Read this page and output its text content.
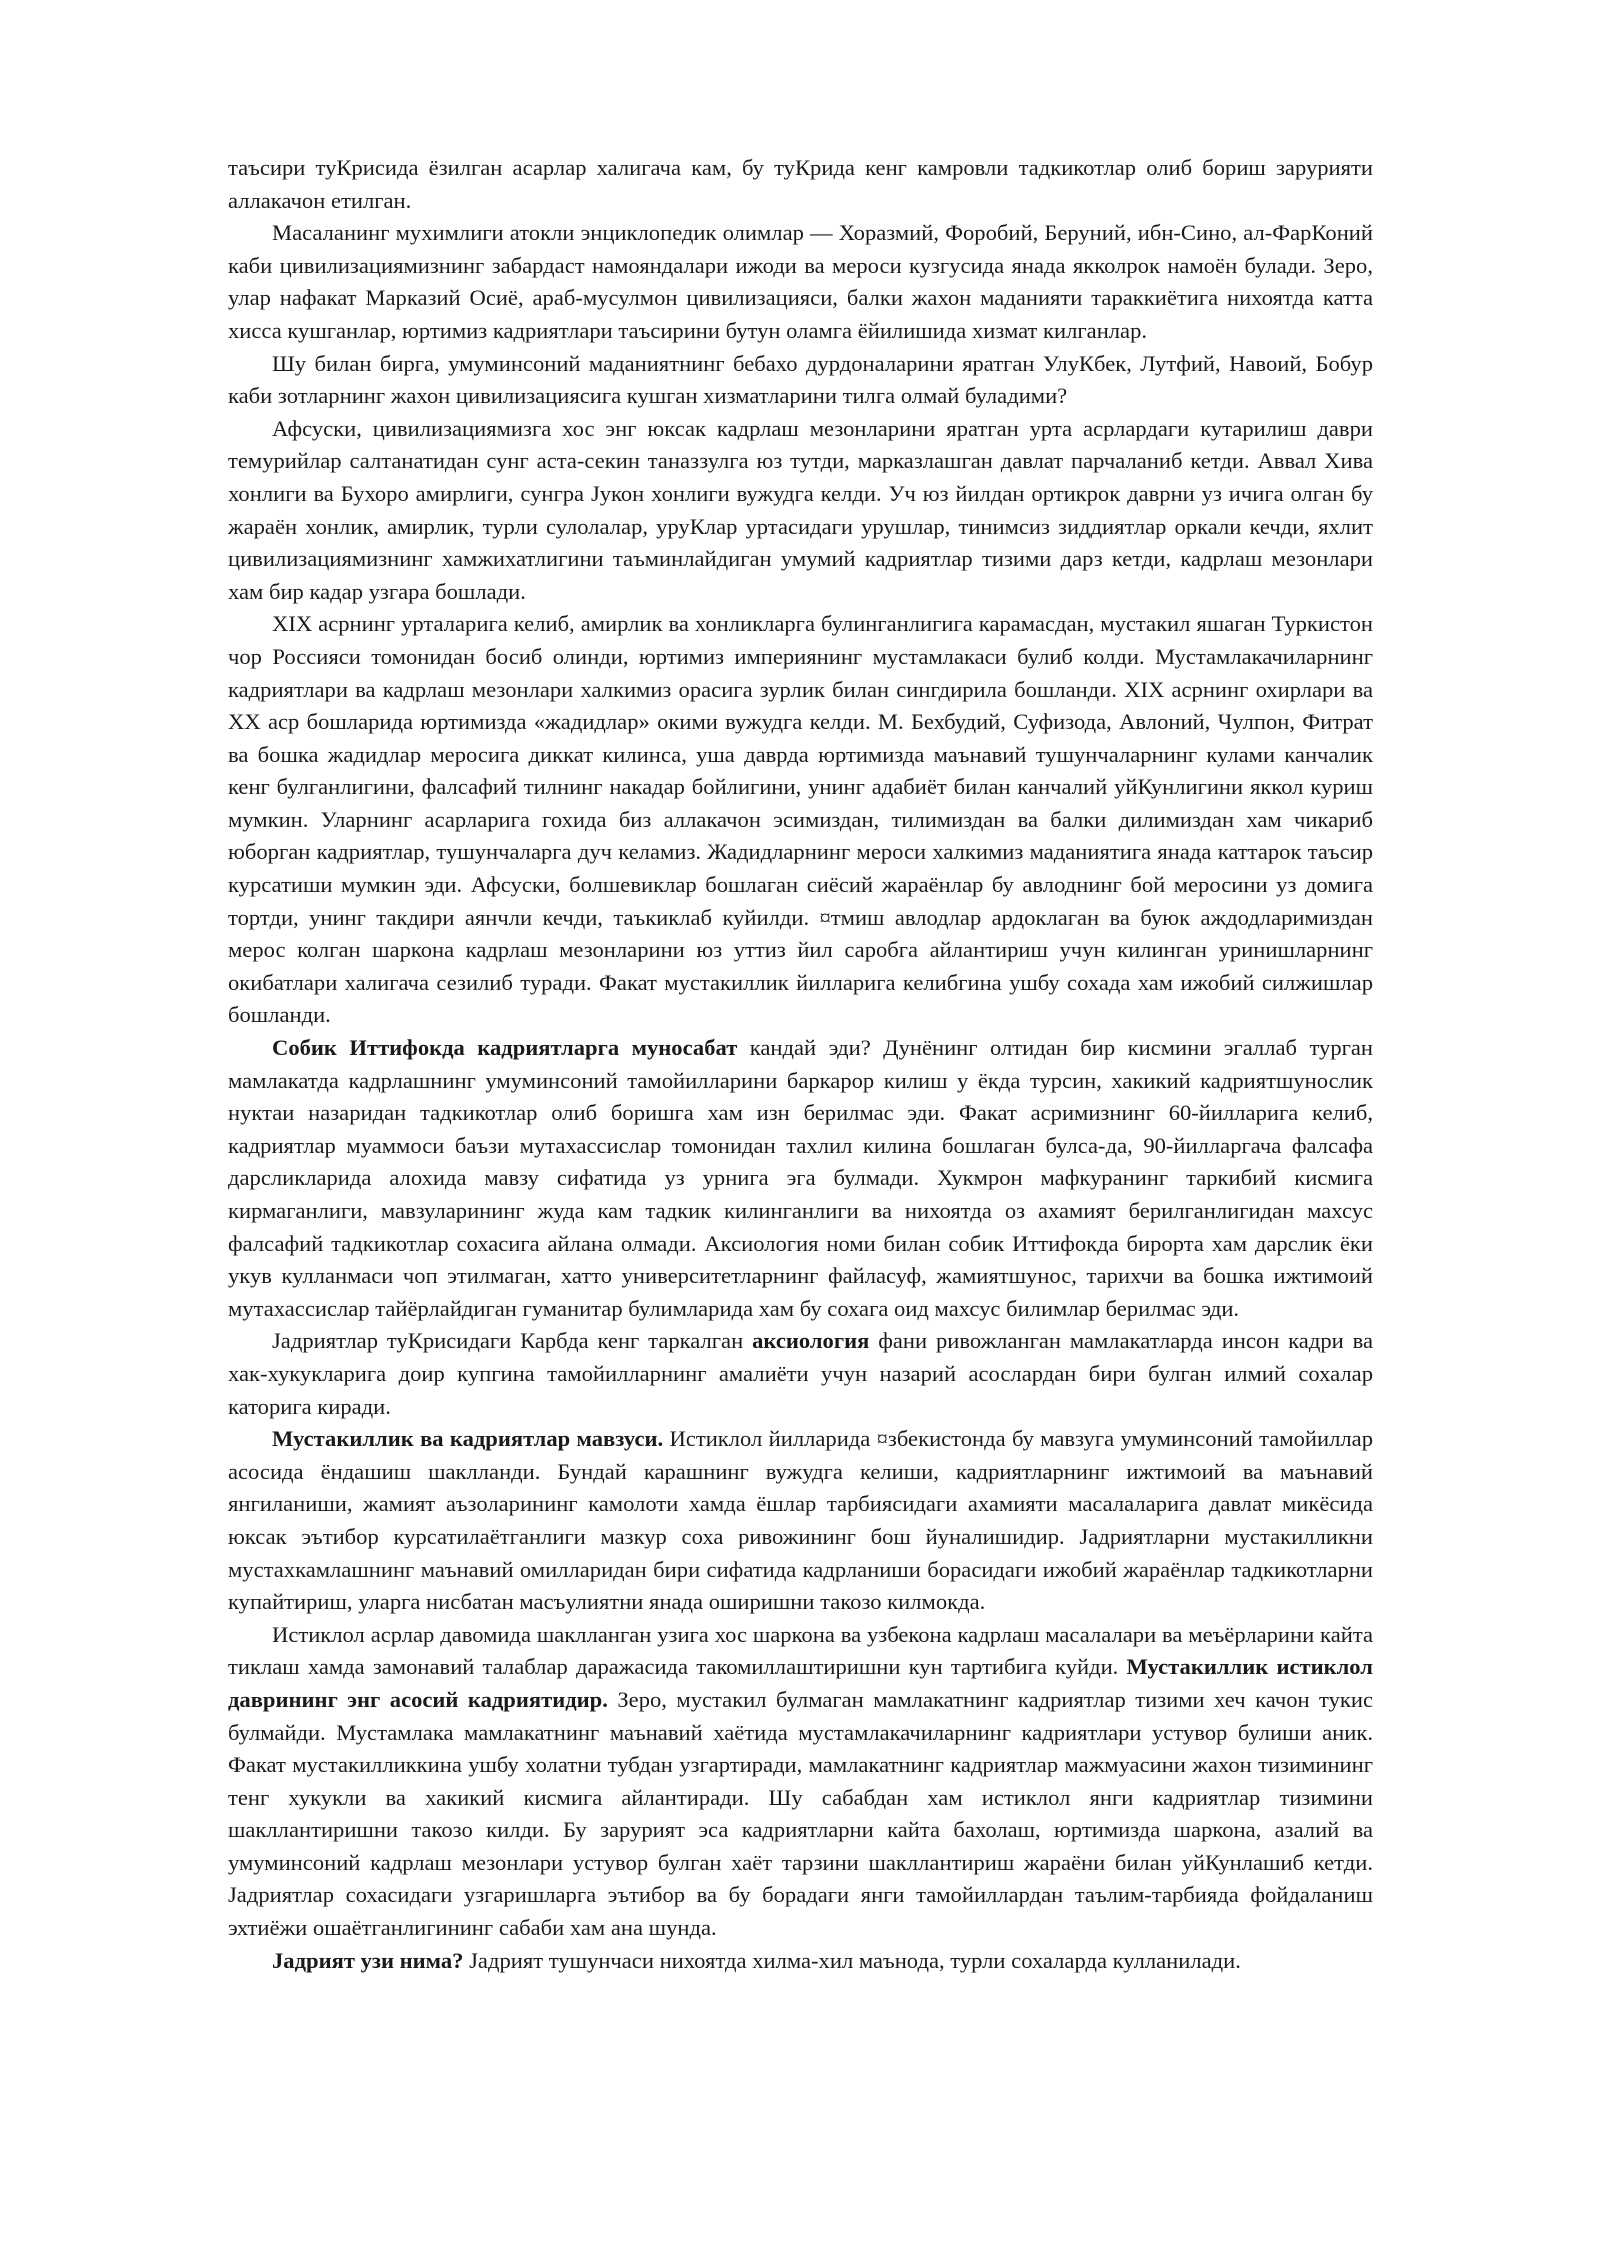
таъсири туКрисида ёзилган асарлар халигача кам, бу туКрида кенг камровли тадкикотлар олиб бориш зарурияти аллакачон етилган.

Масаланинг мухимлиги атокли энциклопедик олимлар — Хоразмий, Форобий, Беруний, ибн-Сино, ал-ФарКоний каби цивилизациямизнинг забардаст намояндалари ижоди ва мероси кузгусида янада якколрок намоён булади. Зеро, улар нафакат Марказий Осиё, араб-мусулмон цивилизацияси, балки жахон маданияти тараккиётига нихоятда катта хисса кушганлар, юртимиз кадриятлари таъсирини бутун оламга ёйилишида хизмат килганлар.

Шу билан бирга, умуминсоний маданиятнинг бебахо дурдоналарини яратган УлуКбек, Лутфий, Навоий, Бобур каби зотларнинг жахон цивилизациясига кушган хизматларини тилга олмай буладими?

Афсуски, цивилизациямизга хос энг юксак кадрлаш мезонларини яратган урта асрлардаги кутарилиш даври темурийлар салтанатидан сунг аста-секин таназзулга юз тутди, марказлашган давлат парчаланиб кетди. Аввал Хива хонлиги ва Бухоро амирлиги, сунгра Jукон хонлиги вужудга келди. Уч юз йилдан ортикрок даврни уз ичига олган бу жараён хонлик, амирлик, турли сулолалар, уруКлар уртасидаги урушлар, тинимсиз зиддиятлар оркали кечди, яхлит цивилизациямизнинг хамжихатлигини таъминлайдиган умумий кадриятлар тизими дарз кетди, кадрлаш мезонлари хам бир кадар узгара бошлади.

XIX асрнинг урталарига келиб, амирлик ва хонликларга булинганлигига карамасдан, мустакил яшаган Туркистон чор Россияси томонидан босиб олинди, юртимиз империянинг мустамлакаси булиб колди. Мустамлакачиларнинг кадриятлари ва кадрлаш мезонлари халкимиз орасига зурлик билан сингдирила бошланди. XIX асрнинг охирлари ва XX аср бошларида юртимизда «жадидлар» окими вужудга келди. М. Бехбудий, Суфизода, Авлоний, Чулпон, Фитрат ва бошка жадидлар меросига диккат килинса, уша даврда юртимизда маънавий тушунчаларнинг кулами канчалик кенг булганлигини, фалсафий тилнинг накадар бойлигини, унинг адабиёт билан канчалий уйКунлигини яккол куриш мумкин. Уларнинг асарларига гохида биз аллакачон эсимиздан, тилимиздан ва балки дилимиздан хам чикариб юборган кадриятлар, тушунчаларга дуч келамиз. Жадидларнинг мероси халкимиз маданиятига янада каттарок таъсир курсатиши мумкин эди. Афсуски, болшевиклар бошлаган сиёсий жараёнлар бу авлоднинг бой меросини уз домига тортди, унинг такдири аянчли кечди, таъкиклаб куйилди. ¤тмиш авлодлар ардоклаган ва буюк аждодларимиздан мерос колган шаркона кадрлаш мезонларини юз уттиз йил саробга айлантириш учун килинган уринишларнинг окибатлари халигача сезилиб туради. Факат мустакиллик йилларига келибгина ушбу сохада хам ижобий силжишлар бошланди.

Собик Иттифокда кадриятларга муносабат кандай эди? Дунёнинг олтидан бир кисмини эгаллаб турган мамлакатда кадрлашнинг умуминсоний тамойилларини баркарор килиш у ёкда турсин, хакикий кадриятшунослик нуктаи назаридан тадкикотлар олиб боришга хам изн берилмас эди. Факат асримизнинг 60-йилларига келиб, кадриятлар муаммоси баъзи мутахассислар томонидан тахлил килина бошлаган булса-да, 90-йилларгача фалсафа дарсликларида алохида мавзу сифатида уз урнига эга булмади. Хукмрон мафкуранинг таркибий кисмига кирмаганлиги, мавзуларининг жуда кам тадкик килинганлиги ва нихоятда оз ахамият берилганлигидан махсус фалсафий тадкикотлар сохасига айлана олмади. Аксиология номи билан собик Иттифокда бирорта хам дарслик ёки укув кулланмаси чоп этилмаган, хатто университетларнинг файласуф, жамиятшунос, тарихчи ва бошка ижтимоий мутахассислар тайёрлайдиган гуманитар булимларида хам бу сохага оид махсус билимлар берилмас эди.

Jадриятлар туКрисидаги Карбда кенг таркалган аксиология фани ривожланган мамлакатларда инсон кадри ва хак-хукукларига доир купгина тамойилларнинг амалиёти учун назарий асослардан бири булган илмий сохалар каторига киради.

Мустакиллик ва кадриятлар мавзуси. Истиклол йилларида ¤збекистонда бу мавзуга умуминсоний тамойиллар асосида ёндашиш шаклланди. Бундай карашнинг вужудга келиши, кадриятларнинг ижтимоий ва маънавий янгиланиши, жамият аъзоларининг камолоти хамда ёшлар тарбиясидаги ахамияти масалаларига давлат микёсида юксак эътибор курсатилаётганлиги мазкур соха ривожининг бош йуналишидир. Jадриятларни мустакилликни мустахкамлашнинг маънавий омилларидан бири сифатида кадрланиши борасидаги ижобий жараёнлар тадкикотларни купайтириш, уларга нисбатан масъулиятни янада оширишни такозо килмокда.

Истиклол асрлар давомида шаклланган узига хос шаркона ва узбекона кадрлаш масалалари ва меъёрларини кайта тиклаш хамда замонавий талаблар даражасида такомиллаштиришни кун тартибига куйди. Мустакиллик истиклол даврининг энг асосий кадриятидир. Зеро, мустакил булмаган мамлакатнинг кадриятлар тизими хеч качон тукис булмайди. Мустамлака мамлакатнинг маънавий хаётида мустамлакачиларнинг кадриятлари устувор булиши аник. Факат мустакилликкина ушбу холатни тубдан узгартиради, мамлакатнинг кадриятлар мажмуасини жахон тизимининг тенг хукукли ва хакикий кисмига айлантиради. Шу сабабдан хам истиклол янги кадриятлар тизимини шакллантиришни такозо килди. Бу зарурият эса кадриятларни кайта бахолаш, юртимизда шаркона, азалий ва умуминсоний кадрлаш мезонлари устувор булган хаёт тарзини шакллантириш жараёни билан уйКунлашиб кетди. Jадриятлар сохасидаги узгаришларга эътибор ва бу борадаги янги тамойиллардан таълим-тарбияда фойдаланиш эхтиёжи ошаётганлигининг сабаби хам ана шунда.

Jадрият узи нима? Jадрият тушунчаси нихоятда хилма-хил маънода, турли сохаларда кулланилади.
